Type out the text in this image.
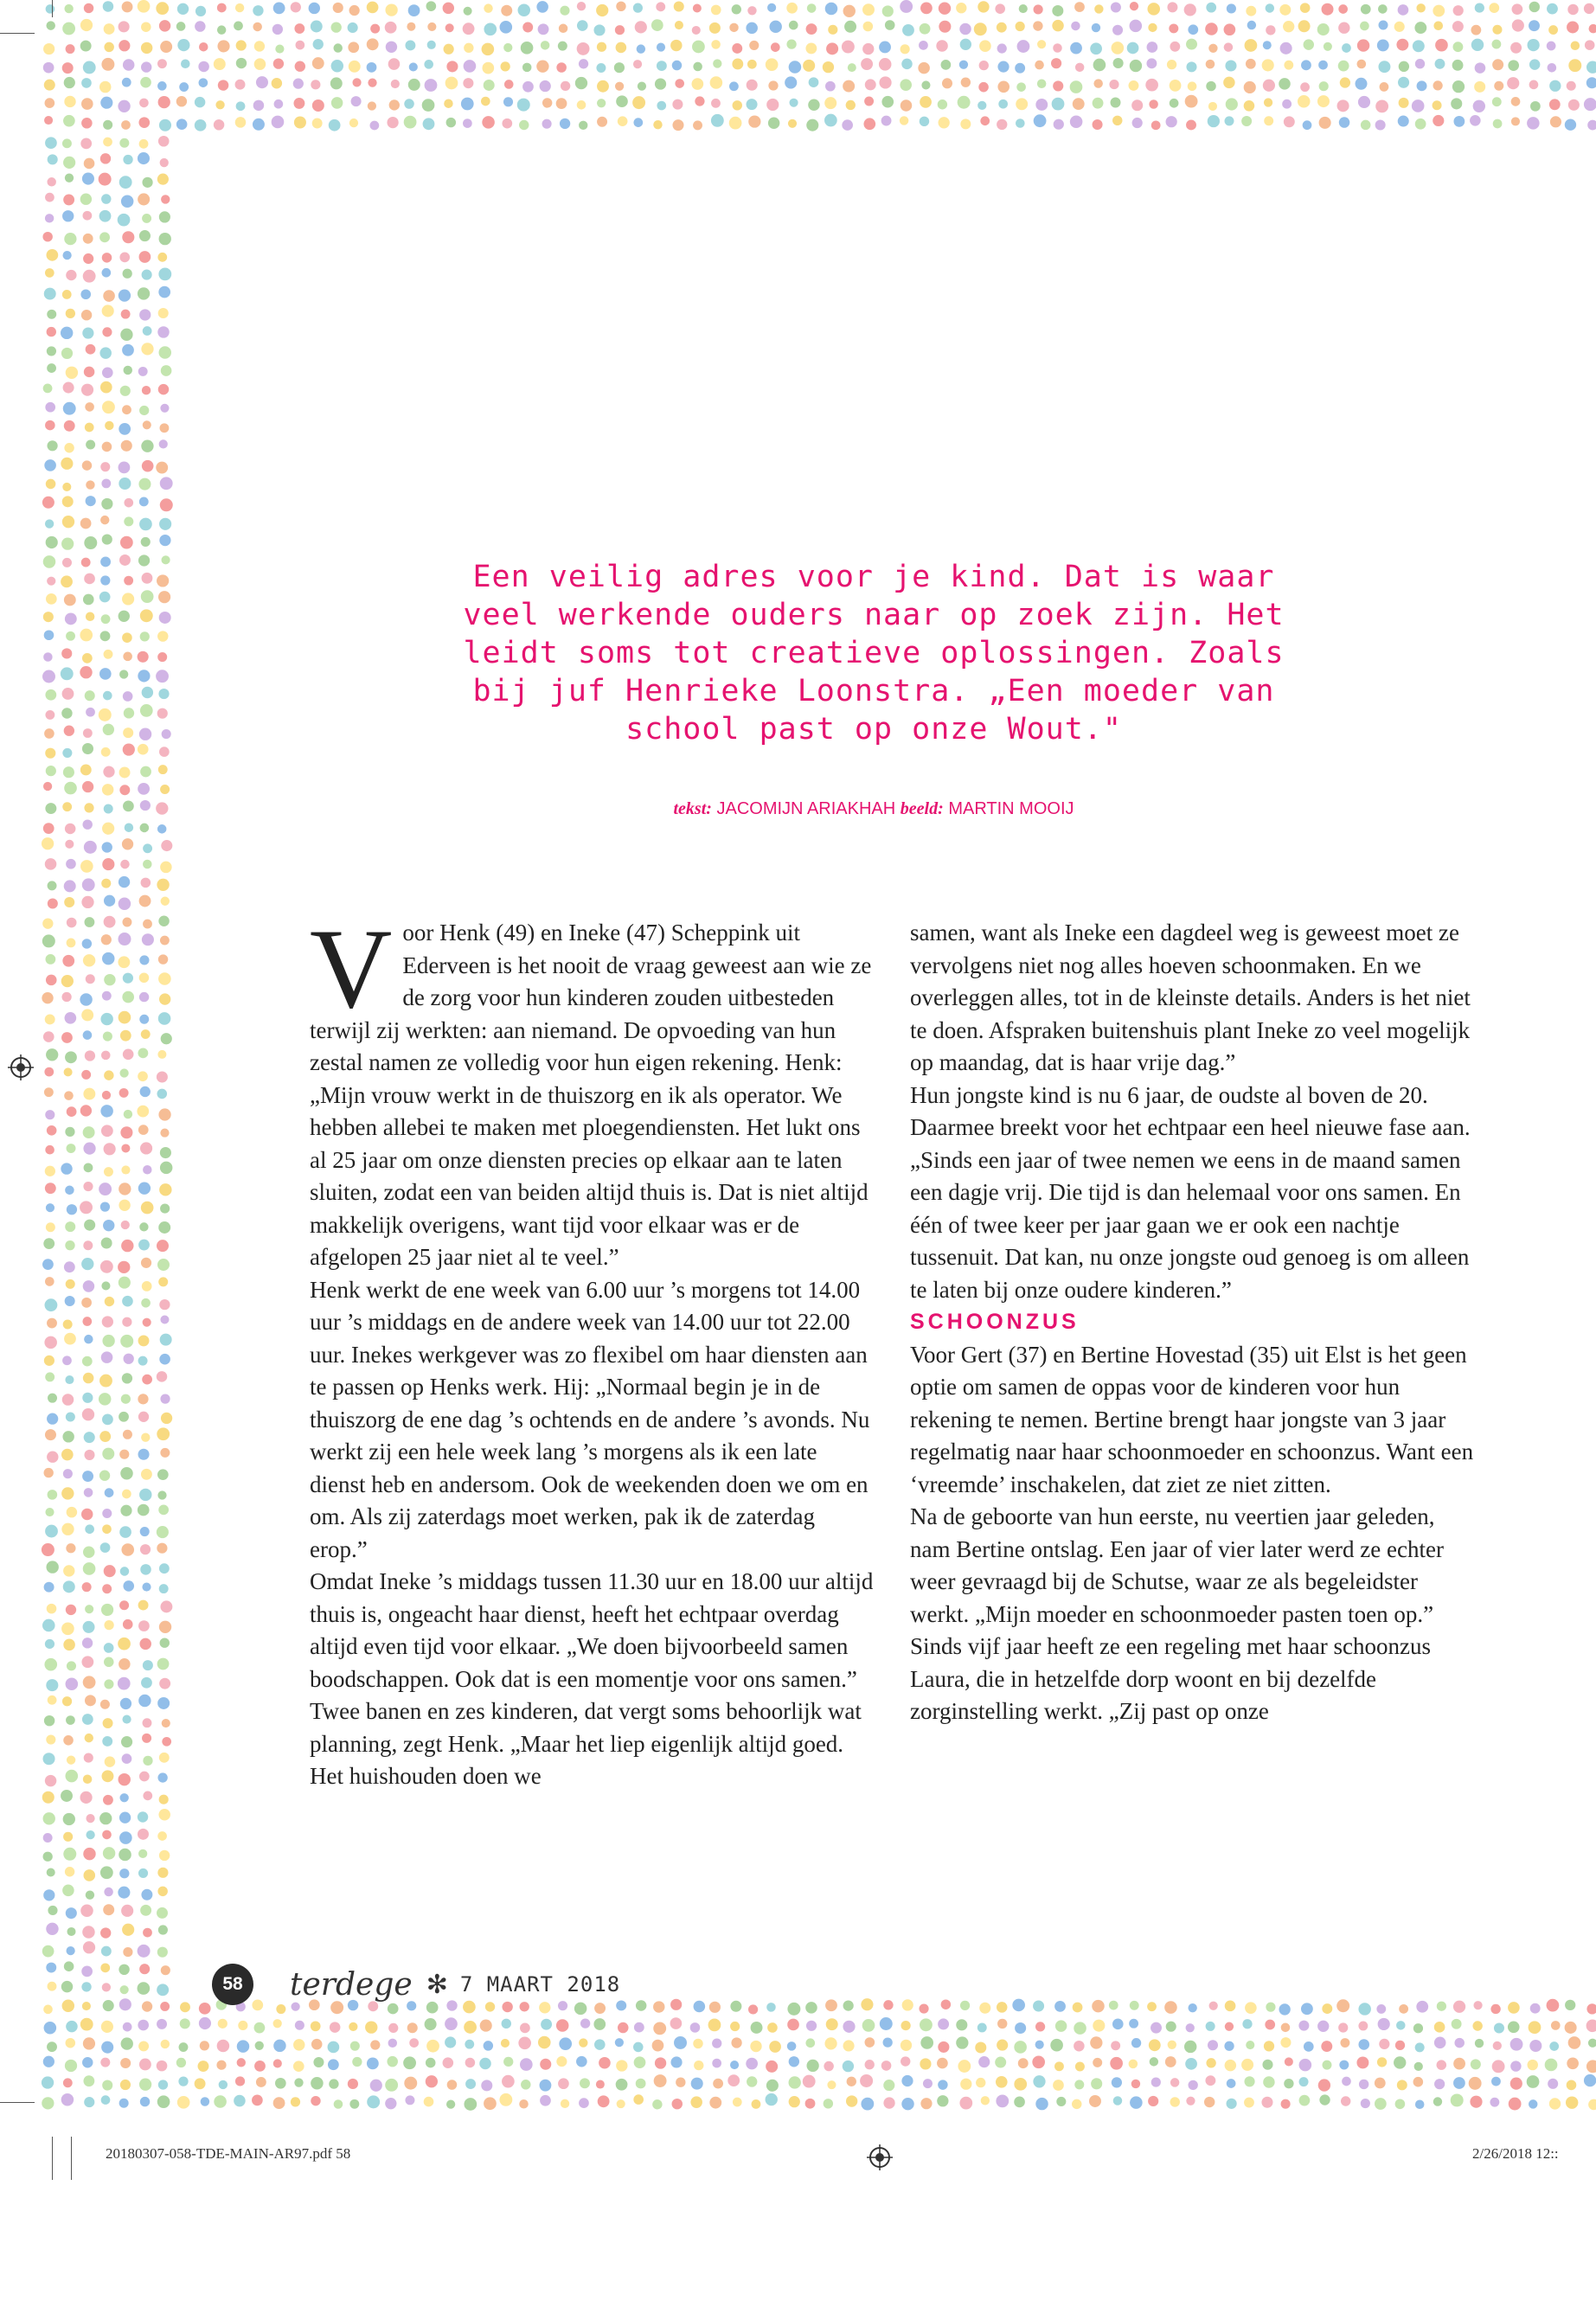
Een veilig adres voor je kind. Dat is waar veel werkende ouders naar op zoek zijn. Het leidt soms tot creatieve oplossingen. Zoals bij juf Henrieke Loonstra. „Een moeder van school past op onze Wout."
tekst: JACOMIJN ARIAKHAH beeld: MARTIN MOOIJ

Voor Henk (49) en Ineke (47) Scheppink uit Ederveen is het nooit de vraag geweest aan wie ze de zorg voor hun kinderen zouden uitbesteden terwijl zij werkten: aan niemand. De opvoeding van hun zestal namen ze volledig voor hun eigen rekening. Henk: „Mijn vrouw werkt in de thuiszorg en ik als operator. We hebben allebei te maken met ploegendiensten. Het lukt ons al 25 jaar om onze diensten precies op elkaar aan te laten sluiten, zodat een van beiden altijd thuis is. Dat is niet altijd makkelijk overigens, want tijd voor elkaar was er de afgelopen 25 jaar niet al te veel.”

Henk werkt de ene week van 6.00 uur ’s morgens tot 14.00 uur ’s middags en de andere week van 14.00 uur tot 22.00 uur. Inekes werkgever was zo flexibel om haar diensten aan te passen op Henks werk. Hij: „Normaal begin je in de thuiszorg de ene dag ’s ochtends en de andere ’s avonds. Nu werkt zij een hele week lang ’s morgens als ik een late dienst heb en andersom. Ook de weekenden doen we om en om. Als zij zaterdags moet werken, pak ik de zaterdag erop.”

Omdat Ineke ’s middags tussen 11.30 uur en 18.00 uur altijd thuis is, ongeacht haar dienst, heeft het echtpaar overdag altijd even tijd voor elkaar. „We doen bijvoorbeeld samen boodschappen. Ook dat is een momentje voor ons samen.”

Twee banen en zes kinderen, dat vergt soms behoorlijk wat planning, zegt Henk. „Maar het liep eigenlijk altijd goed. Het huishouden doen we

samen, want als Ineke een dagdeel weg is geweest moet ze vervolgens niet nog alles hoeven schoonmaken. En we overleggen alles, tot in de kleinste details. Anders is het niet te doen. Afspraken buitenshuis plant Ineke zo veel mogelijk op maandag, dat is haar vrije dag.”

Hun jongste kind is nu 6 jaar, de oudste al boven de 20. Daarmee breekt voor het echtpaar een heel nieuwe fase aan. „Sinds een jaar of twee nemen we eens in de maand samen een dagje vrij. Die tijd is dan helemaal voor ons samen. En één of twee keer per jaar gaan we er ook een nachtje tussenuit. Dat kan, nu onze jongste oud genoeg is om alleen te laten bij onze oudere kinderen.”

SCHOONZUS

Voor Gert (37) en Bertine Hovestad (35) uit Elst is het geen optie om samen de oppas voor de kinderen voor hun rekening te nemen. Bertine brengt haar jongste van 3 jaar regelmatig naar haar schoonmoeder en schoonzus. Want een ‘vreemde’ inschakelen, dat ziet ze niet zitten.

Na de geboorte van hun eerste, nu veertien jaar geleden, nam Bertine ontslag. Een jaar of vier later werd ze echter weer gevraagd bij de Schutse, waar ze als begeleidster werkt. „Mijn moeder en schoonmoeder pasten toen op.”

Sinds vijf jaar heeft ze een regeling met haar schoonzus Laura, die in hetzelfde dorp woont en bij dezelfde zorginstelling werkt. „Zij past op onze

58	terdege ✻ 7 MAART 2018
20180307-058-TDE-MAIN-AR97.pdf 58	2/26/2018 12::
